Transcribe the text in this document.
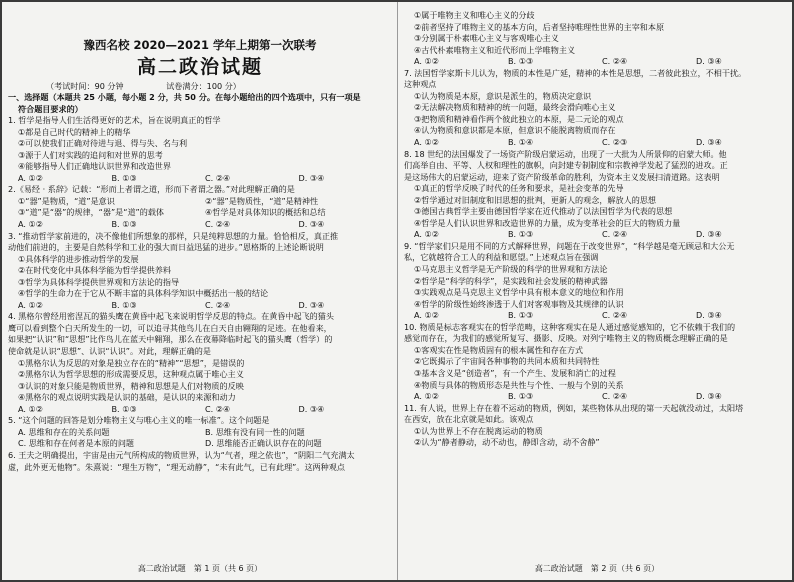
豫西名校 2020—2021 学年上期第一次联考
高二政治试题
（考试时间：90 分钟	试卷满分：100 分）
一、选择题（本题共 25 小题，每小题 2 分，共 50 分。在每小题给出的四个选项中，只有一项是
符合题目要求的）
1. 哲学是指导人们生活得更好的艺术，旨在说明真正的哲学
①都是自己时代的精神上的精华
②可以使我们正确对待进与退、得与失、名与利
③源于人们对实践的追问和对世界的思考
④能够指导人们正确地认识世界和改造世界
A. ①②	B. ①③	C. ②④	D. ③④
2.《易经 · 系辞》记载：“形而上者谓之道，形而下者谓之器。”对此理解正确的是
①“器”是物质，“道”是意识	②“器”是物质性，“道”是精神性
③“道”是“器”的规律，“器”是“道”的载体	④哲学是对具体知识的概括和总结
A. ①②	B. ①③	C. ②④	D. ③④
3. “推动哲学家前进的，决不像他们所想象的那样，只是纯粹思想的力量。恰恰相反，真正推
动他们前进的，主要是自然科学和工业的强大而日益迅猛的进步。”恩格斯的上述论断说明
①具体科学的进步推动哲学的发展
②在时代变化中具体科学能为哲学提供养料
③哲学为具体科学提供世界观和方法论的指导
④哲学的生命力在于它从不断丰富的具体科学知识中概括出一般的结论
A. ①②	B. ①③	C. ②④	D. ③④
4. 黑格尔曾经用密涅瓦的猫头鹰在黄昏中起飞来说明哲学反思的特点。在黄昏中起飞的猫头
鹰可以看到整个白天所发生的一切，可以追寻其他鸟儿在白天自由翱翔的足迹。在他看来，
如果把“认识”和“思想”比作鸟儿在蓝天中翱翔，那么在夜幕降临时起飞的猫头鹰（哲学）的
使命就是认识“思想”、认识“认识”。对此，理解正确的是
①黑格尔认为反思的对象是独立存在的“精神”“思想”，是错误的
②黑格尔认为哲学思想的形成需要反思，这种观点属于唯心主义
③认识的对象只能是物质世界，精神和思想是人们对物质的反映
④黑格尔的观点说明实践是认识的基础，是认识的来源和动力
A. ①②	B. ①③	C. ②④	D. ③④
5. “这个问题的回答是划分唯物主义与唯心主义的唯一标准”。这个问题是
A. 思维和存在的关系问题	B. 思维有没有同一性的问题
C. 思维和存在何者是本原的问题	D. 思维能否正确认识存在的问题
6. 王夫之明确提出，宇宙是由元气所构成的物质世界，认为“气者，理之依也”，“阴阳二气充满太
虚，此外更无他物”。朱熹说：“理生万物”，“理无动静”，“未有此气，已有此理”。这两种观点
高二政治试题　第 1 页（共 6 页）
①属于唯物主义和唯心主义的分歧
②前者坚持了唯物主义的基本方向，后者坚持唯理性世界的主宰和本原
③分别属于朴素唯心主义与客观唯心主义
④古代朴素唯物主义和近代形而上学唯物主义
A. ①②	B. ①③	C. ②④	D. ③④
7. 法国哲学家斯卡儿认为，物质的本性是广延，精神的本性是思想，二者彼此独立，不相干扰。
这种观点
①认为物质是本原，意识是派生的，物质决定意识
②无法解决物质和精神的统一问题，最终会滑向唯心主义
③把物质和精神看作两个彼此独立的本原，是二元论的观点
④认为物质和意识都是本原，但意识不能脱离物质而存在
A. ①②	B. ①④	C. ②③	D. ③④
8. 18 世纪的法国爆发了一场资产阶级启蒙运动，出现了一大批为人所景仰的启蒙大师。他
们高举自由、平等、人权和理性的旗帜，向封建专制制度和宗教神学发起了猛烈的进攻。正
是这场伟大的启蒙运动，迎来了资产阶级革命的胜利，为资本主义发展扫清道路。这表明
①真正的哲学反映了时代的任务和要求，是社会变革的先导
②哲学通过对旧制度和旧思想的批判，更新人的观念，解放人的思想
③德国古典哲学主要由德国哲学家在近代推动了以法国哲学为代表的思想
④哲学是人们认识世界和改造世界的力量，成为变革社会的巨大的物质力量
A. ①②	B. ①③	C. ②④	D. ③④
9. “哲学家们只是用不同的方式解释世界，问题在于改变世界”，“科学越是毫无顾忌和大公无
私，它就越符合工人的利益和愿望。”上述观点旨在强调
①马克思主义哲学是无产阶级的科学的世界观和方法论
②哲学是“科学的科学”，是实践和社会发展的精神武器
③实践观点是马克思主义哲学中具有根本意义的地位和作用
④哲学的阶级性始终渗透于人们对客观事物及其规律的认识
A. ①②	B. ①③	C. ②④	D. ③④
10. 物质是标志客观实在的哲学范畴，这种客观实在是人通过感觉感知的，它不依赖于我们的
感觉而存在，为我们的感觉所复写、摄影、反映。对列宁唯物主义的物质概念理解正确的是
①客观实在性是物质固有的根本属性和存在方式
②它既揭示了宇宙间各种事物的共同本质和共同特性
③基本含义是“创造者”，有一个产生、发展和消亡的过程
④物质与具体的物质形态是共性与个性、一般与个别的关系
A. ①②	B. ①③	C. ②④	D. ③④
11. 有人说，世界上存在着不运动的物质，例如，某些物体从出现的第一天起就没动过，太阳塔
在西安，放在北京就是如此。该观点
①认为世界上不存在脱离运动的物质
②认为“静者静动，动不动也，静即含动，动不舍静”
高二政治试题　第 2 页（共 6 页）
